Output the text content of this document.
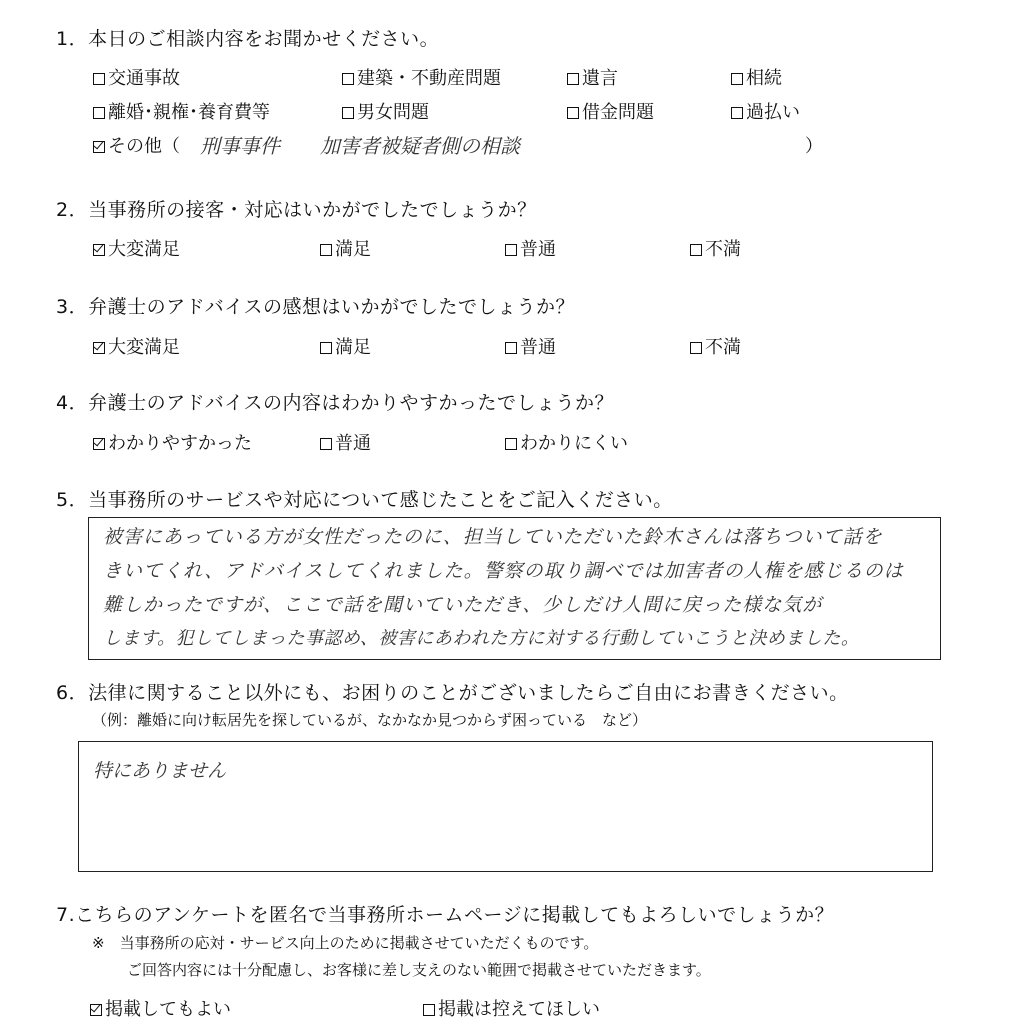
1．本日のご相談内容をお聞かせください。
交通事故	建築・不動産問題	遺言	相続
離婚･親権･養育費等	男女問題	借金問題	過払い
その他（ 刑事事件　　加害者被疑者側の相談	）
2．当事務所の接客・対応はいかがでしたでしょうか？
大変満足	満足	普通	不満
3．弁護士のアドバイスの感想はいかがでしたでしょうか？
大変満足	満足	普通	不満
4．弁護士のアドバイスの内容はわかりやすかったでしょうか？
わかりやすかった	普通	わかりにくい
5．当事務所のサービスや対応について感じたことをご記入ください。
被害にあっている方が女性だったのに、担当していただいた鈴木さんは落ちついて話を
きいてくれ、アドバイスしてくれました。警察の取り調べでは加害者の人権を感じるのは
難しかったですが、ここで話を聞いていただき、少しだけ人間に戻った様な気が
します。犯してしまった事認め、被害にあわれた方に対する行動していこうと決めました。
6．法律に関すること以外にも、お困りのことがございましたらご自由にお書きください。
（例：離婚に向け転居先を探しているが、なかなか見つからず困っている　など）
特にありません
7.こちらのアンケートを匿名で当事務所ホームページに掲載してもよろしいでしょうか？
※　当事務所の応対・サービス向上のために掲載させていただくものです。
ご回答内容には十分配慮し、お客様に差し支えのない範囲で掲載させていただきます。
掲載してもよい	掲載は控えてほしい
